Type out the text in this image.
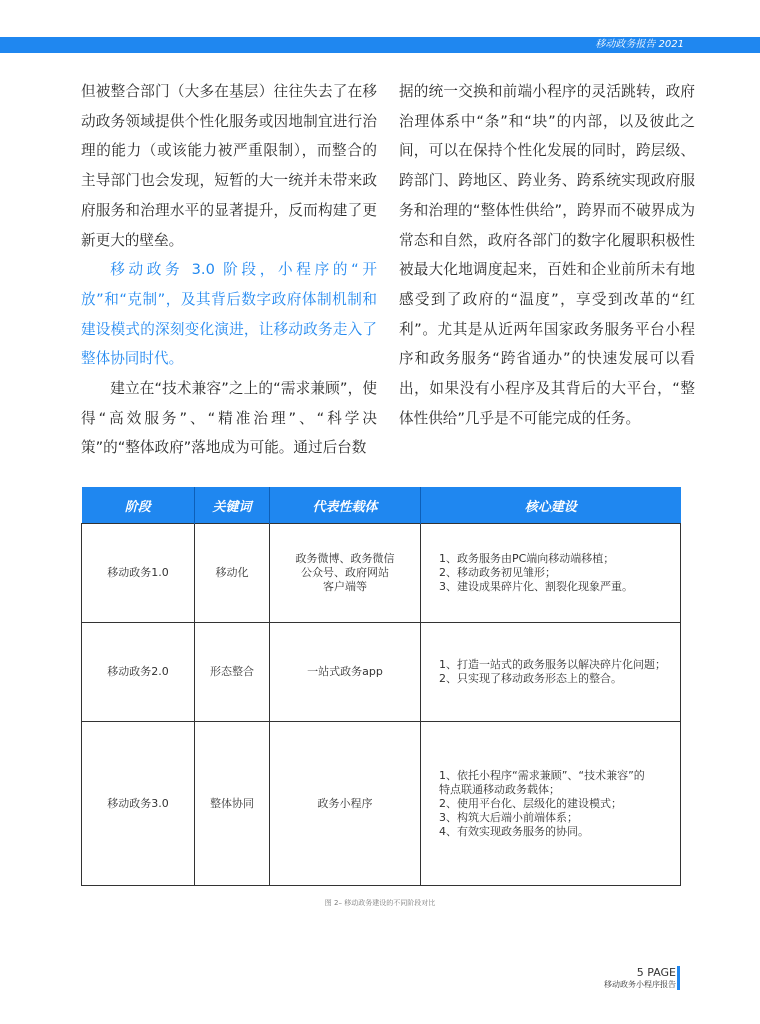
移动政务报告 2021

但被整合部门（大多在基层）往往失去了在移动政务领域提供个性化服务或因地制宜进行治理的能力（或该能力被严重限制），而整合的主导部门也会发现，短暂的大一统并未带来政府服务和治理水平的显著提升，反而构建了更新更大的壁垒。

移动政务 3.0 阶段，小程序的“开放”和“克制”，及其背后数字政府体制机制和建设模式的深刻变化演进，让移动政务走入了整体协同时代。

建立在“技术兼容”之上的“需求兼顾”，使得“高效服务”、“精准治理”、“科学决策”的“整体政府”落地成为可能。通过后台数

据的统一交换和前端小程序的灵活跳转，政府治理体系中“条”和“块”的内部，以及彼此之间，可以在保持个性化发展的同时，跨层级、跨部门、跨地区、跨业务、跨系统实现政府服务和治理的“整体性供给”，跨界而不破界成为常态和自然，政府各部门的数字化履职积极性被最大化地调度起来，百姓和企业前所未有地感受到了政府的“温度”，享受到改革的“红利”。尤其是从近两年国家政务服务平台小程序和政务服务“跨省通办”的快速发展可以看出，如果没有小程序及其背后的大平台，“整体性供给”几乎是不可能完成的任务。

阶段	关键词	代表性载体	核心建设
移动政务1.0	移动化	政务微博、政务微信
公众号、政府网站
客户端等	1、政务服务由PC端向移动端移植；
2、移动政务初见雏形；
3、建设成果碎片化、割裂化现象严重。

移动政务2.0	形态整合	一站式政务app	1、打造一站式的政务服务以解决碎片化问题；
2、只实现了移动政务形态上的整合。

移动政务3.0	整体协同	政务小程序	1、依托小程序“需求兼顾”、“技术兼容”的
特点联通移动政务载体；
2、使用平台化、层级化的建设模式；
3、构筑大后端小前端体系；
4、有效实现政务服务的协同。
图 2– 移动政务建设的不同阶段对比
5 PAGE
移动政务小程序报告
